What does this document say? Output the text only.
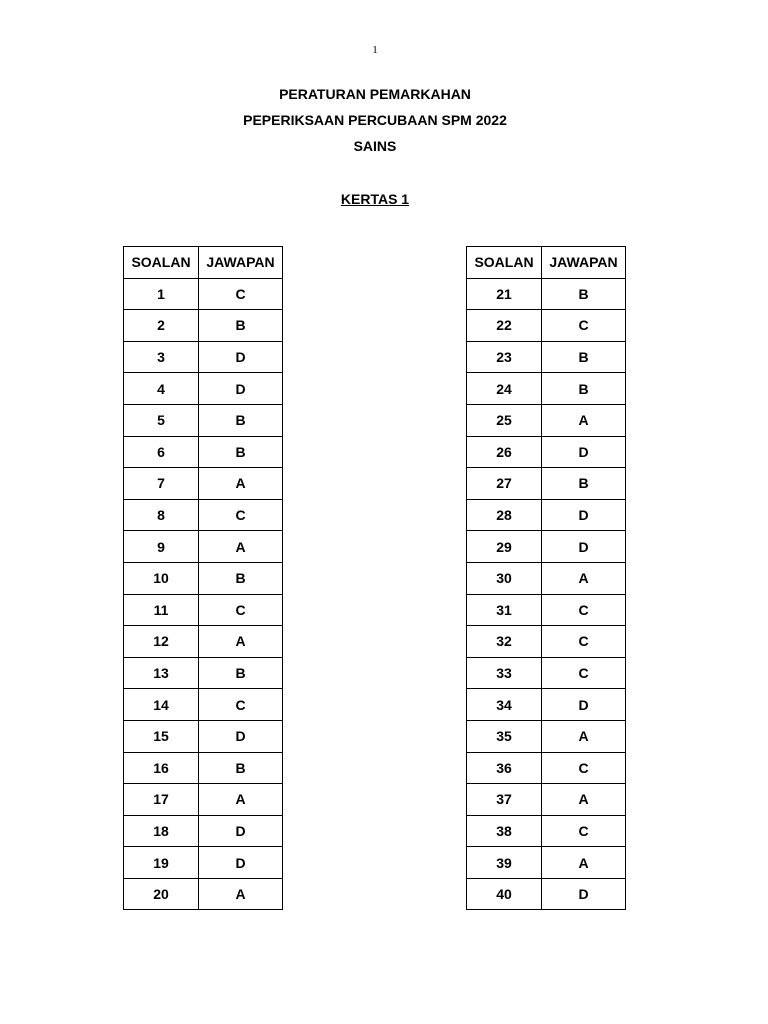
1
PERATURAN PEMARKAHAN
PEPERIKSAAN PERCUBAAN SPM 2022
SAINS
KERTAS 1
SOALAN	JAWAPAN
1	C
2	B
3	D
4	D
5	B
6	B
7	A
8	C
9	A
10	B
11	C
12	A
13	B
14	C
15	D
16	B
17	A
18	D
19	D
20	A
SOALAN	JAWAPAN
21	B
22	C
23	B
24	B
25	A
26	D
27	B
28	D
29	D
30	A
31	C
32	C
33	C
34	D
35	A
36	C
37	A
38	C
39	A
40	D
